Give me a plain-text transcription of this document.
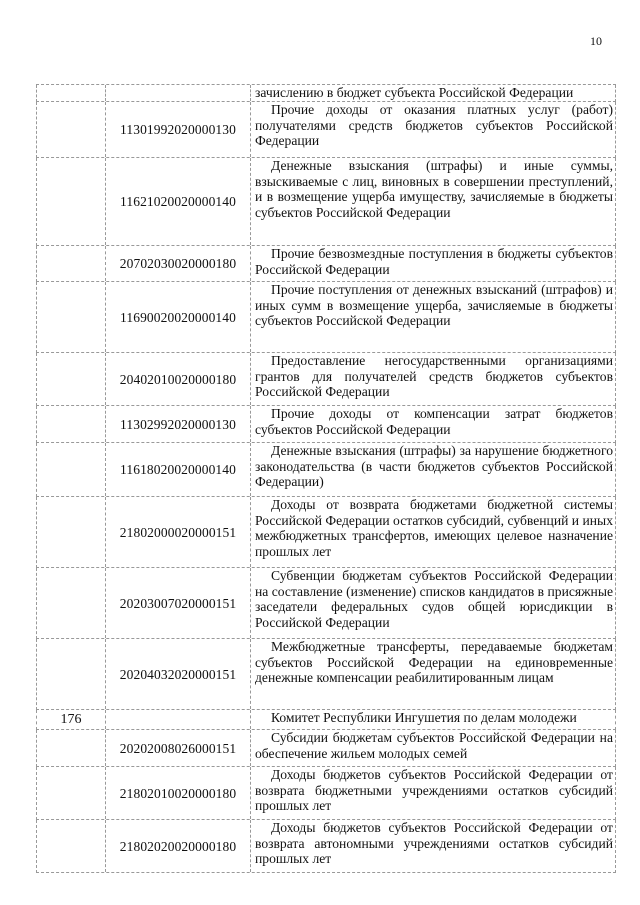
10
зачислению в бюджет субъекта Российской Федерации
11301992020000130
Прочие доходы от оказания платных услуг (работ) получателями средств бюджетов субъектов Российской Федерации
11621020020000140
Денежные взыскания (штрафы) и иные суммы, взыскиваемые с лиц, виновных в совершении преступлений, и в возмещение ущерба имуществу, зачисляемые в бюджеты субъектов Российской Федерации
20702030020000180
Прочие безвозмездные поступления в бюджеты субъектов Российской Федерации
11690020020000140
Прочие поступления от денежных взысканий (штрафов) и иных сумм в возмещение ущерба, зачисляемые в бюджеты субъектов Российской Федерации
20402010020000180
Предоставление негосударственными организациями грантов для получателей средств бюджетов субъектов Российской Федерации
11302992020000130
Прочие доходы от компенсации затрат бюджетов субъектов Российской Федерации
11618020020000140
Денежные взыскания (штрафы) за нарушение бюджетного законодательства (в части бюджетов субъектов Российской Федерации)
21802000020000151
Доходы от возврата бюджетами бюджетной системы Российской Федерации остатков субсидий, субвенций и иных межбюджетных трансфертов, имеющих целевое назначение прошлых лет
20203007020000151
Субвенции бюджетам субъектов Российской Федерации на составление (изменение) списков кандидатов в присяжные заседатели федеральных судов общей юрисдикции в Российской Федерации
20204032020000151
Межбюджетные трансферты, передаваемые бюджетам субъектов Российской Федерации на единовременные денежные компенсации реабилитированным лицам
176	Комитет Республики Ингушетия по делам молодежи
20202008026000151
Субсидии бюджетам субъектов Российской Федерации на обеспечение жильем молодых семей
21802010020000180
Доходы бюджетов субъектов Российской Федерации от возврата бюджетными учреждениями остатков субсидий прошлых лет
21802020020000180
Доходы бюджетов субъектов Российской Федерации от возврата автономными учреждениями остатков субсидий прошлых лет
